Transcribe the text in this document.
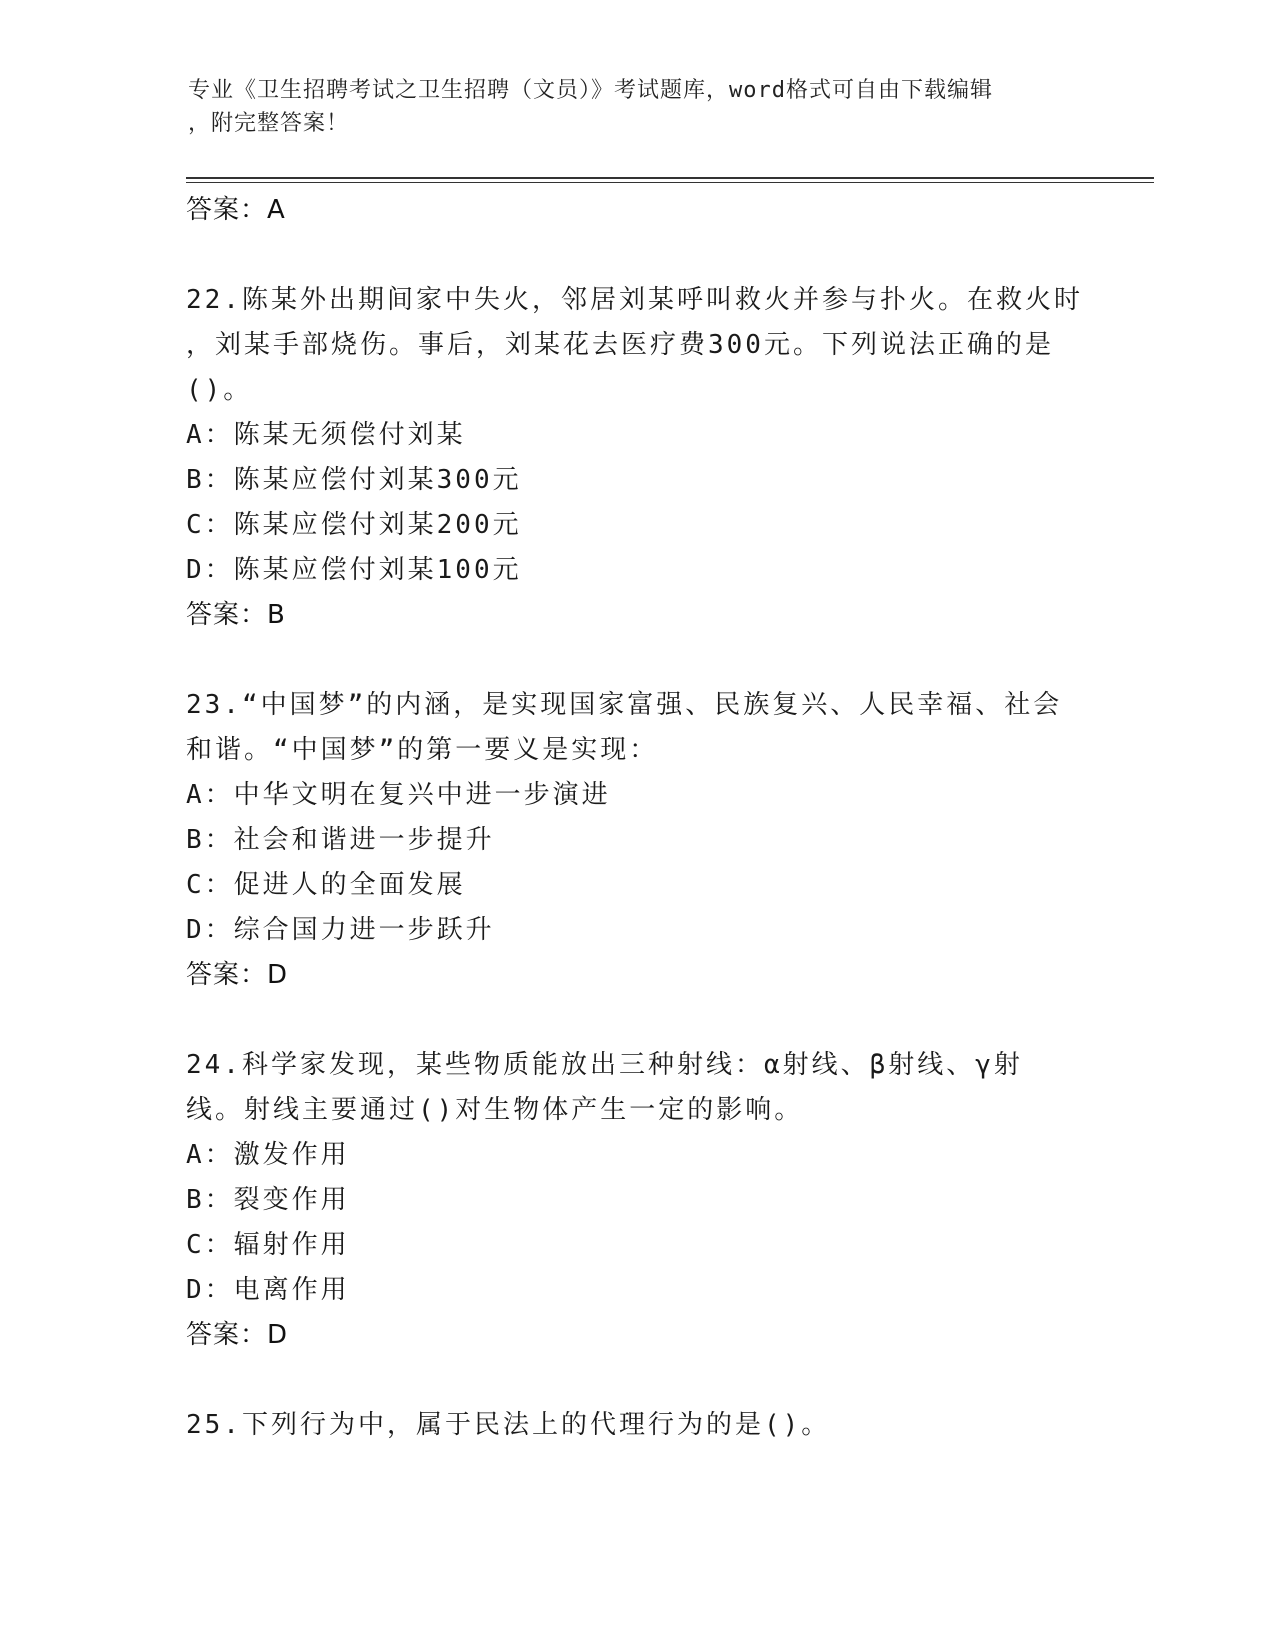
专业《卫生招聘考试之卫生招聘（文员）》考试题库，word格式可自由下载编辑
，附完整答案！
答案：A
22.陈某外出期间家中失火，邻居刘某呼叫救火并参与扑火。在救火时
，刘某手部烧伤。事后，刘某花去医疗费300元。下列说法正确的是
()。
A：陈某无须偿付刘某
B：陈某应偿付刘某300元
C：陈某应偿付刘某200元
D：陈某应偿付刘某100元
答案：B
23.“中国梦”的内涵，是实现国家富强、民族复兴、人民幸福、社会
和谐。“中国梦”的第一要义是实现：
A：中华文明在复兴中进一步演进
B：社会和谐进一步提升
C：促进人的全面发展
D：综合国力进一步跃升
答案：D
24.科学家发现，某些物质能放出三种射线：α射线、β射线、γ射
线。射线主要通过()对生物体产生一定的影响。
A：激发作用
B：裂变作用
C：辐射作用
D：电离作用
答案：D
25.下列行为中，属于民法上的代理行为的是()。
